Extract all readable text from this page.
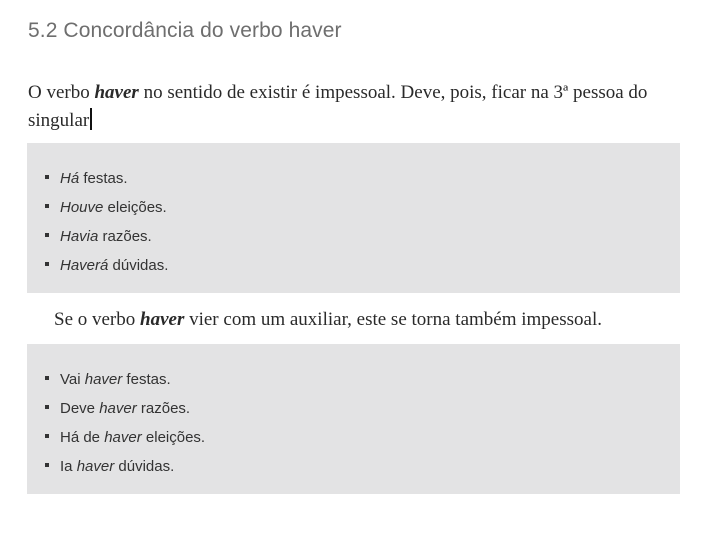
5.2 Concordância do verbo haver

O verbo haver no sentido de existir é impessoal. Deve, pois, ficar na 3ª pessoa do singular

Há festas.
Houve eleições.
Havia razões.
Haverá dúvidas.

Se o verbo haver vier com um auxiliar, este se torna também impessoal.

Vai haver festas.
Deve haver razões.
Há de haver eleições.
Ia haver dúvidas.
